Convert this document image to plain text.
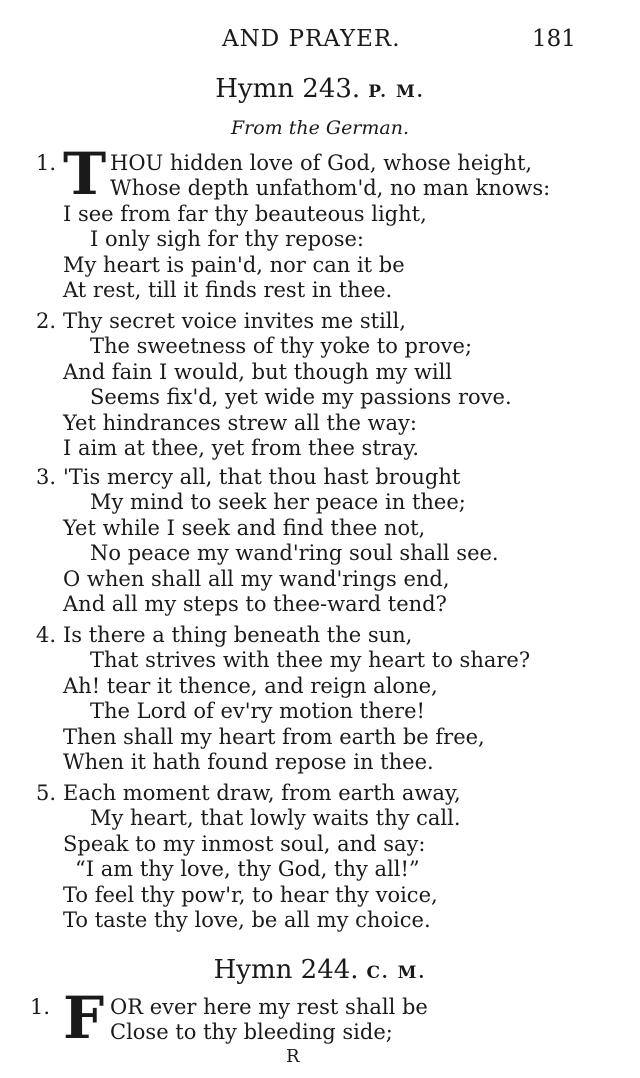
AND PRAYER.	181
Hymn 243. P. M.
From the German.
1. T HOU hidden love of God, whose height,
Whose depth unfathom'd, no man knows:
I see from far thy beauteous light,
I only sigh for thy repose:
My heart is pain'd, nor can it be
At rest, till it finds rest in thee.
2. Thy secret voice invites me still,
The sweetness of thy yoke to prove;
And fain I would, but though my will
Seems fix'd, yet wide my passions rove.
Yet hindrances strew all the way:
I aim at thee, yet from thee stray.
3. 'Tis mercy all, that thou hast brought
My mind to seek her peace in thee;
Yet while I seek and find thee not,
No peace my wand'ring soul shall see.
O when shall all my wand'rings end,
And all my steps to thee-ward tend?
4. Is there a thing beneath the sun,
That strives with thee my heart to share?
Ah! tear it thence, and reign alone,
The Lord of ev'ry motion there!
Then shall my heart from earth be free,
When it hath found repose in thee.
5. Each moment draw, from earth away,
My heart, that lowly waits thy call.
Speak to my inmost soul, and say:
“I am thy love, thy God, thy all!”
To feel thy pow'r, to hear thy voice,
To taste thy love, be all my choice.
Hymn 244. C. M.
1. F OR ever here my rest shall be
Close to thy bleeding side;
R
